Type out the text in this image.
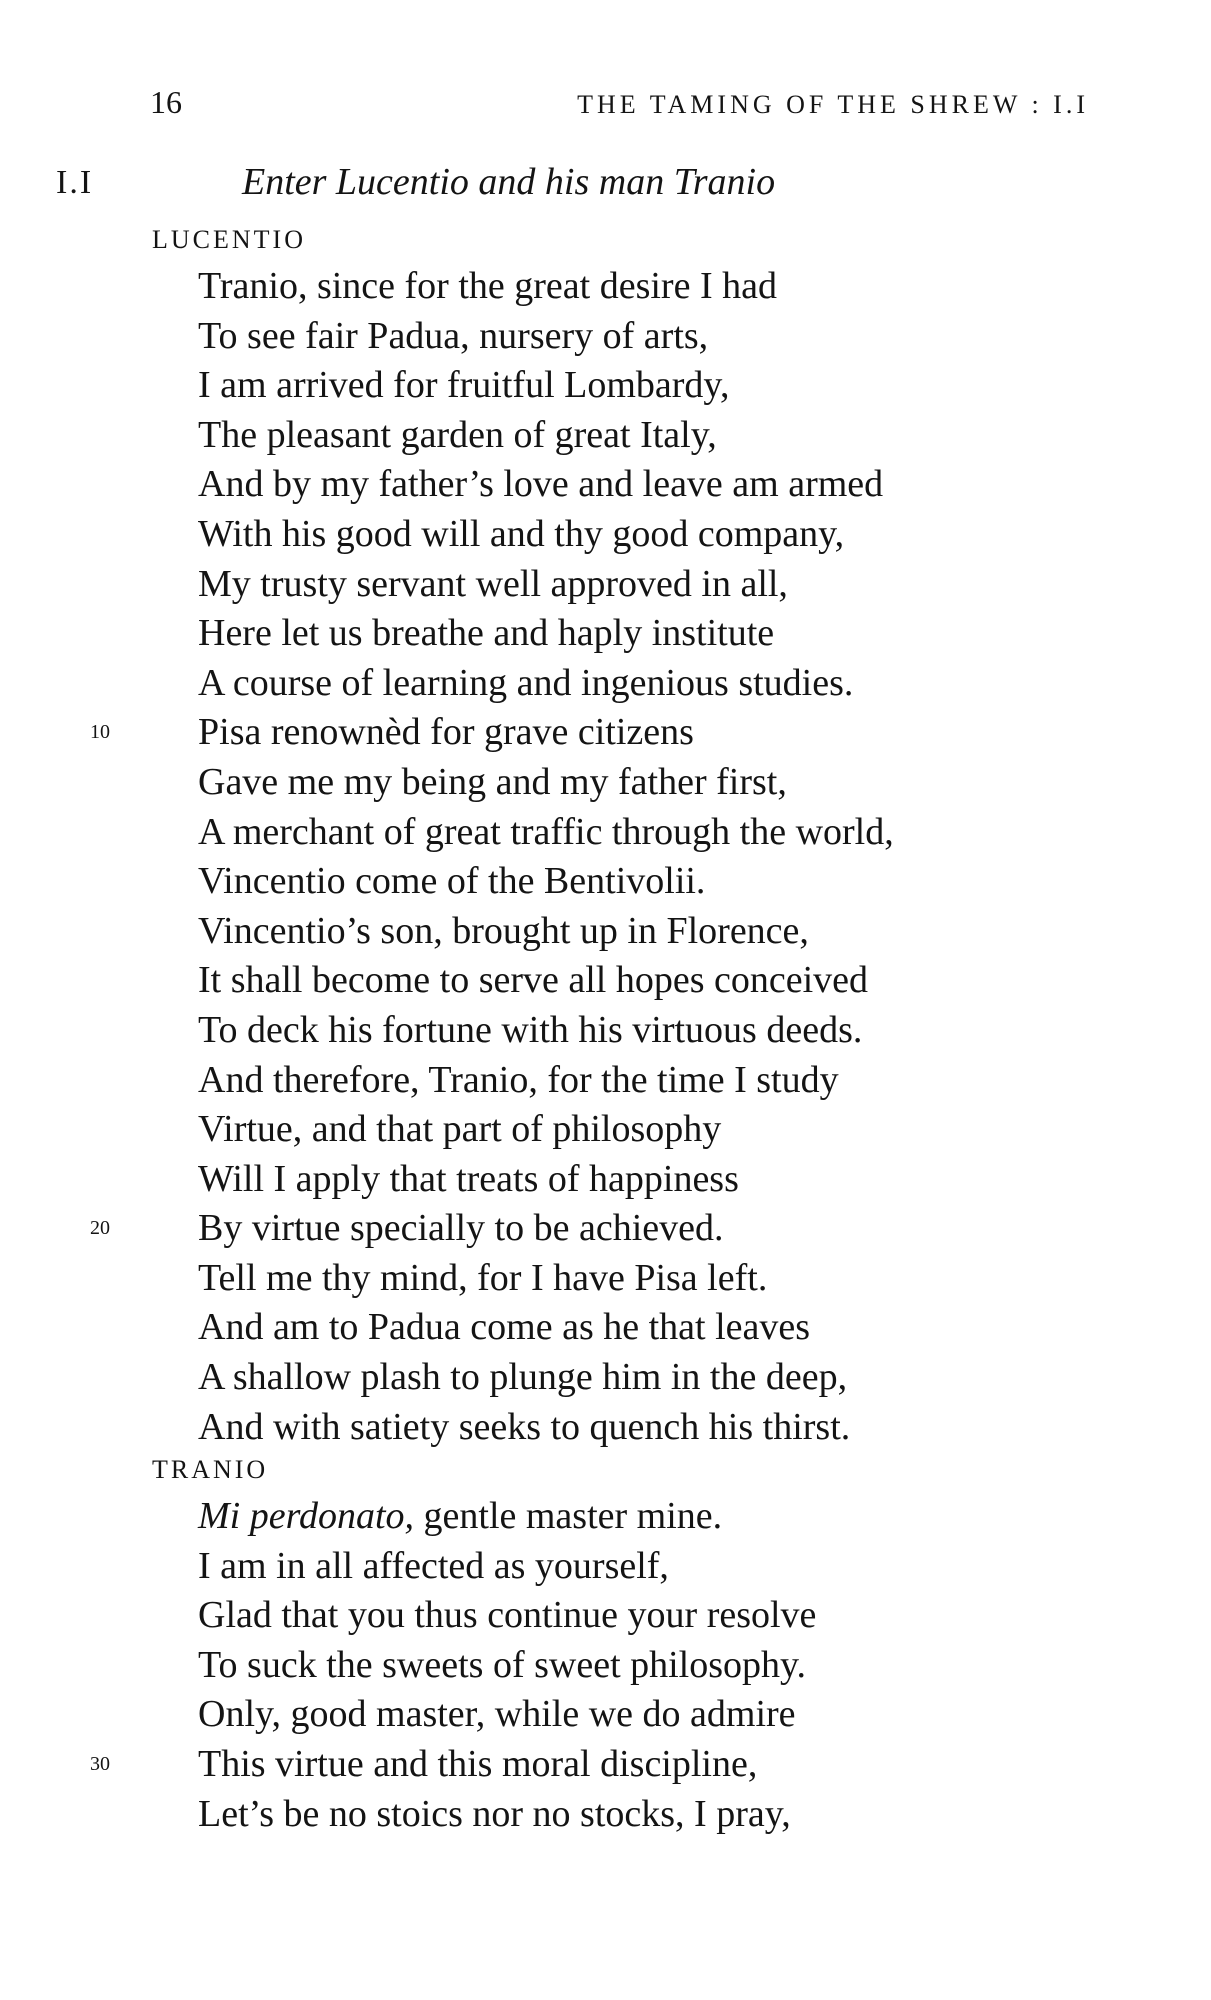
16	THE TAMING OF THE SHREW : I.I
I.I	Enter Lucentio and his man Tranio
LUCENTIO
Tranio, since for the great desire I had
To see fair Padua, nursery of arts,
I am arrived for fruitful Lombardy,
The pleasant garden of great Italy,
And by my father’s love and leave am armed
With his good will and thy good company,
My trusty servant well approved in all,
Here let us breathe and haply institute
A course of learning and ingenious studies.
Pisa renownèd for grave citizens
10
Gave me my being and my father first,
A merchant of great traffic through the world,
Vincentio come of the Bentivolii.
Vincentio’s son, brought up in Florence,
It shall become to serve all hopes conceived
To deck his fortune with his virtuous deeds.
And therefore, Tranio, for the time I study
Virtue, and that part of philosophy
Will I apply that treats of happiness
By virtue specially to be achieved.
20
Tell me thy mind, for I have Pisa left.
And am to Padua come as he that leaves
A shallow plash to plunge him in the deep,
And with satiety seeks to quench his thirst.
TRANIO
Mi perdonato, gentle master mine.
I am in all affected as yourself,
Glad that you thus continue your resolve
To suck the sweets of sweet philosophy.
Only, good master, while we do admire
This virtue and this moral discipline,
30
Let’s be no stoics nor no stocks, I pray,
